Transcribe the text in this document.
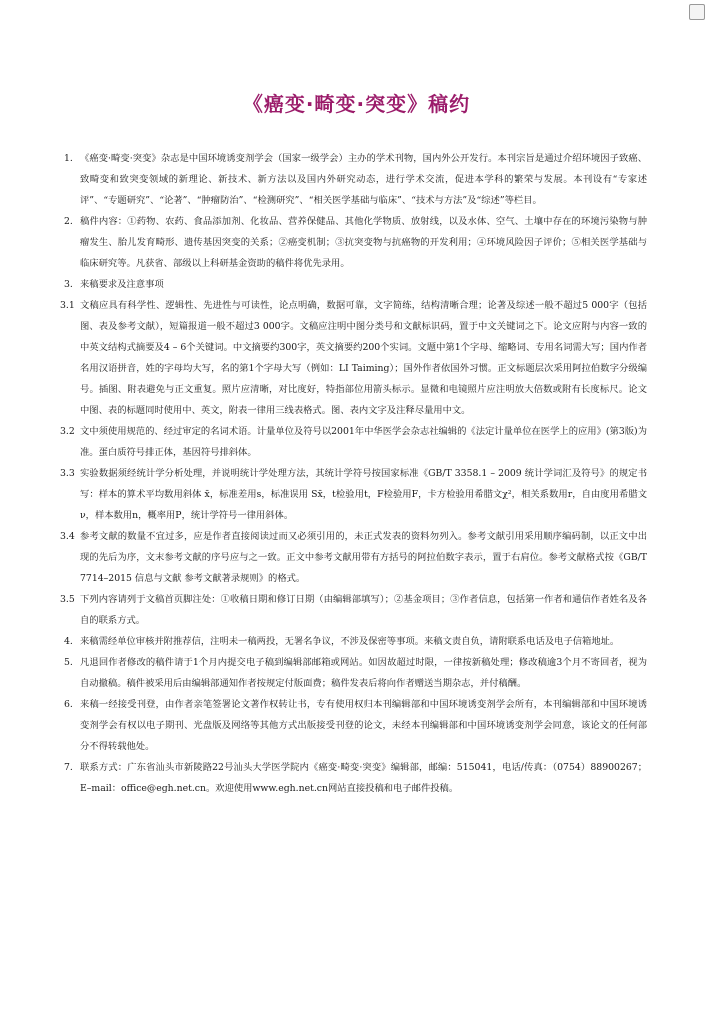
《癌变·畸变·突变》稿约
1. 《癌变·畸变·突变》杂志是中国环境诱变剂学会（国家一级学会）主办的学术刊物，国内外公开发行。本刊宗旨是通过介绍环境因子致癌、致畸变和致突变领域的新理论、新技术、新方法以及国内外研究动态，进行学术交流，促进本学科的繁荣与发展。本刊设有“专家述评”、“专题研究”、“论著”、“肿瘤防治”、“检测研究”、“相关医学基础与临床”、“技术与方法”及“综述”等栏目。
2. 稿件内容：①药物、农药、食品添加剂、化妆品、营养保健品、其他化学物质、放射线，以及水体、空气、土壤中存在的环境污染物与肿瘤发生、胎儿发育畸形、遗传基因突变的关系；②癌变机制；③抗突变物与抗癌物的开发利用；④环境风险因子评价；⑤相关医学基础与临床研究等。凡获省、部级以上科研基金资助的稿件将优先录用。
3. 来稿要求及注意事项
3.1 文稿应具有科学性、逻辑性、先进性与可读性，论点明确，数据可靠，文字简练，结构清晰合理；论著及综述一般不超过5 000字（包括图、表及参考文献），短篇报道一般不超过3 000字。文稿应注明中图分类号和文献标识码，置于中文关键词之下。论文应附与内容一致的中英文结构式摘要及4 – 6个关键词。中文摘要约300字，英文摘要约200个实词。文题中第1个字母、缩略词、专用名词需大写；国内作者名用汉语拼音，姓的字母均大写，名的第1个字母大写（例如：LI Taiming）；国外作者依国外习惯。正文标题层次采用阿拉伯数字分级编号。插图、附表避免与正文重复。照片应清晰，对比度好，特指部位用箭头标示。显微和电镜照片应注明放大倍数或附有长度标尺。论文中图、表的标题同时使用中、英文，附表一律用三线表格式。图、表内文字及注释尽量用中文。
3.2 文中须使用规范的、经过审定的名词术语。计量单位及符号以2001年中华医学会杂志社编辑的《法定计量单位在医学上的应用》(第3版)为准。蛋白质符号排正体，基因符号排斜体。
3.3 实验数据须经统计学分析处理，并说明统计学处理方法，其统计学符号按国家标准《GB/T 3358.1 – 2009 统计学词汇及符号》的规定书写：样本的算术平均数用斜体 x̄，标准差用s，标准误用 Sx̄，t检验用t，F检验用F，卡方检验用希腊文χ²，相关系数用r，自由度用希腊文ν，样本数用n，概率用P，统计学符号一律用斜体。
3.4 参考文献的数量不宜过多，应是作者直接阅读过而又必须引用的，未正式发表的资料勿列入。参考文献引用采用顺序编码制，以正文中出现的先后为序，文末参考文献的序号应与之一致。正文中参考文献用带有方括号的阿拉伯数字表示，置于右肩位。参考文献格式按《GB/T 7714–2015 信息与文献 参考文献著录规则》的格式。
3.5 下列内容请列于文稿首页脚注处：①收稿日期和修订日期（由编辑部填写）；②基金项目；③作者信息，包括第一作者和通信作者姓名及各自的联系方式。
4. 来稿需经单位审核并附推荐信，注明未一稿两投，无署名争议，不涉及保密等事项。来稿文责自负，请附联系电话及电子信箱地址。
5. 凡退回作者修改的稿件请于1个月内提交电子稿到编辑部邮箱或网站。如因故超过时限，一律按新稿处理；修改稿逾3个月不寄回者，视为自动撤稿。稿件被采用后由编辑部通知作者按规定付版面费；稿件发表后将向作者赠送当期杂志，并付稿酬。
6. 来稿一经接受刊登，由作者亲笔签署论文著作权转让书，专有使用权归本刊编辑部和中国环境诱变剂学会所有，本刊编辑部和中国环境诱变剂学会有权以电子期刊、光盘版及网络等其他方式出版接受刊登的论文，未经本刊编辑部和中国环境诱变剂学会同意，该论文的任何部分不得转载他处。
7. 联系方式：广东省汕头市新陵路22号汕头大学医学院内《癌变·畸变·突变》编辑部，邮编：515041，电话/传真：（0754）88900267；E–mail：office@egh.net.cn。欢迎使用www.egh.net.cn网站直接投稿和电子邮件投稿。
